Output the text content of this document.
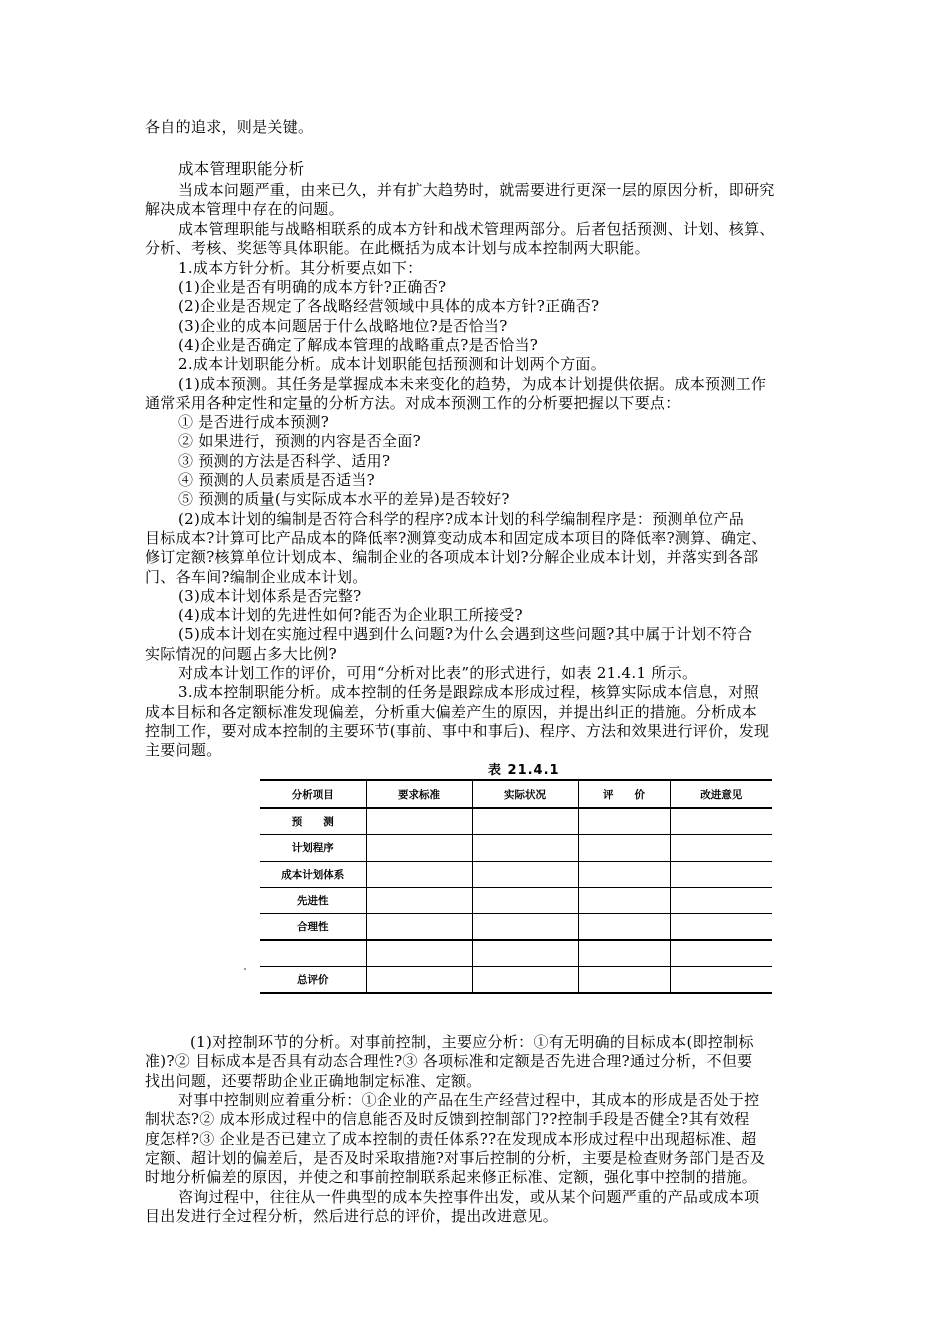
各自的追求，则是关键。
成本管理职能分析
当成本问题严重，由来已久，并有扩大趋势时，就需要进行更深一层的原因分析，即研究
解决成本管理中存在的问题。
成本管理职能与战略相联系的成本方针和战术管理两部分。后者包括预测、计划、核算、
分析、考核、奖惩等具体职能。在此概括为成本计划与成本控制两大职能。
1.成本方针分析。其分析要点如下：
(1)企业是否有明确的成本方针?正确否?
(2)企业是否规定了各战略经营领域中具体的成本方针?正确否?
(3)企业的成本问题居于什么战略地位?是否恰当?
(4)企业是否确定了解成本管理的战略重点?是否恰当?
2.成本计划职能分析。成本计划职能包括预测和计划两个方面。
(1)成本预测。其任务是掌握成本未来变化的趋势，为成本计划提供依据。成本预测工作
通常采用各种定性和定量的分析方法。对成本预测工作的分析要把握以下要点：
① 是否进行成本预测?
② 如果进行，预测的内容是否全面?
③ 预测的方法是否科学、适用?
④ 预测的人员素质是否适当?
⑤ 预测的质量(与实际成本水平的差异)是否较好?
(2)成本计划的编制是否符合科学的程序?成本计划的科学编制程序是：预测单位产品
目标成本?计算可比产品成本的降低率?测算变动成本和固定成本项目的降低率?测算、确定、
修订定额?核算单位计划成本、编制企业的各项成本计划?分解企业成本计划，并落实到各部
门、各车间?编制企业成本计划。
(3)成本计划体系是否完整?
(4)成本计划的先进性如何?能否为企业职工所接受?
(5)成本计划在实施过程中遇到什么问题?为什么会遇到这些问题?其中属于计划不符合
实际情况的问题占多大比例?
对成本计划工作的评价，可用“分析对比表”的形式进行，如表 21.4.1 所示。
3.成本控制职能分析。成本控制的任务是跟踪成本形成过程，核算实际成本信息，对照
成本目标和各定额标准发现偏差，分析重大偏差产生的原因，并提出纠正的措施。分析成本
控制工作，要对成本控制的主要环节(事前、事中和事后)、程序、方法和效果进行评价，发现
主要问题。
表 21.4.1
分析项目	要求标准	实际状况	评　　价	改进意见
预　　测				
计划程序				
成本计划体系				
先进性				
合理性				

总评价				
(1)对控制环节的分析。对事前控制，主要应分析：①有无明确的目标成本(即控制标
准)?② 目标成本是否具有动态合理性?③ 各项标准和定额是否先进合理?通过分析，不但要
找出问题，还要帮助企业正确地制定标准、定额。
对事中控制则应着重分析：①企业的产品在生产经营过程中，其成本的形成是否处于控
制状态?② 成本形成过程中的信息能否及时反馈到控制部门??控制手段是否健全?其有效程
度怎样?③ 企业是否已建立了成本控制的责任体系??在发现成本形成过程中出现超标准、超
定额、超计划的偏差后，是否及时采取措施?对事后控制的分析，主要是检查财务部门是否及
时地分析偏差的原因，并使之和事前控制联系起来修正标准、定额，强化事中控制的措施。
咨询过程中，往往从一件典型的成本失控事件出发，或从某个问题严重的产品或成本项
目出发进行全过程分析，然后进行总的评价，提出改进意见。
